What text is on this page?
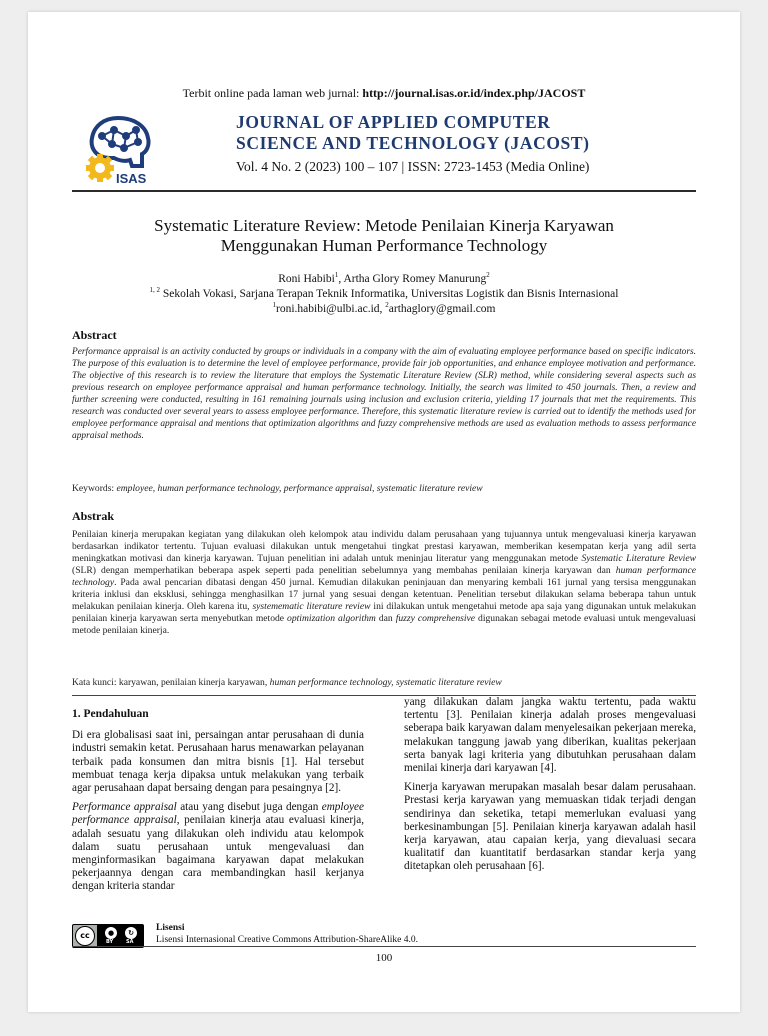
Terbit online pada laman web jurnal: http://journal.isas.or.id/index.php/JACOST
ISAS
JOURNAL OF APPLIED COMPUTER
SCIENCE AND TECHNOLOGY (JACOST)
Vol. 4 No. 2 (2023) 100 – 107 | ISSN: 2723-1453 (Media Online)
Systematic Literature Review: Metode Penilaian Kinerja Karyawan
Menggunakan Human Performance Technology
Roni Habibi$^1$, Artha Glory Romey Manurung$^2$
$^{1, 2}$ Sekolah Vokasi, Sarjana Terapan Teknik Informatika, Universitas Logistik dan Bisnis Internasional
$^1$roni.habibi@ulbi.ac.id, $^2$arthaglory@gmail.com
Abstract
Performance appraisal is an activity conducted by groups or individuals in a company with the aim of evaluating employee performance based on specific indicators. The purpose of this evaluation is to determine the level of employee performance, provide fair job opportunities, and enhance employee motivation and performance. The objective of this research is to review the literature that employs the Systematic Literature Review (SLR) method, while considering several aspects such as previous research on employee performance appraisal and human performance technology. Initially, the search was limited to 450 journals. Then, a review and further screening were conducted, resulting in 161 remaining journals using inclusion and exclusion criteria, yielding 17 journals that met the requirements. This research was conducted over several years to assess employee performance. Therefore, this systematic literature review is carried out to identify the methods used for employee performance appraisal and mentions that optimization algorithms and fuzzy comprehensive methods are used as evaluation methods to assess performance appraisal methods.
Keywords: employee, human performance technology, performance appraisal, systematic literature review
Abstrak
Penilaian kinerja merupakan kegiatan yang dilakukan oleh kelompok atau individu dalam perusahaan yang tujuannya untuk mengevaluasi kinerja karyawan berdasarkan indikator tertentu. Tujuan evaluasi dilakukan untuk mengetahui tingkat prestasi karyawan, memberikan kesempatan kerja yang adil serta meningkatkan motivasi dan kinerja karyawan. Tujuan penelitian ini adalah untuk meninjau literatur yang menggunakan metode Systematic Literature Review (SLR) dengan memperhatikan beberapa aspek seperti pada penelitian sebelumnya yang membahas penilaian kinerja karyawan dan human performance technology. Pada awal pencarian dibatasi dengan 450 jurnal. Kemudian dilakukan peninjauan dan menyaring kembali 161 jurnal yang tersisa menggunakan kriteria inklusi dan eksklusi, sehingga menghasilkan 17 jurnal yang sesuai dengan ketentuan. Penelitian tersebut dilakukan selama beberapa tahun untuk melakukan penilaian kinerja. Oleh karena itu, systemematic literature review ini dilakukan untuk mengetahui metode apa saja yang digunakan untuk melakukan penilaian kinerja karyawan serta menyebutkan metode optimization algorithm dan fuzzy comprehensive digunakan sebagai metode evaluasi untuk mengevaluasi metode penilaian kinerja.
Kata kunci: karyawan, penilaian kinerja karyawan, human performance technology, systematic literature review
1. Pendahuluan

Di era globalisasi saat ini, persaingan antar perusahaan di dunia industri semakin ketat. Perusahaan harus menawarkan pelayanan terbaik pada konsumen dan mitra bisnis [1]. Hal tersebut membuat tenaga kerja dipaksa untuk melakukan yang terbaik agar perusahaan dapat bersaing dengan para pesaingnya [2].

Performance appraisal atau yang disebut juga dengan employee performance appraisal, penilaian kinerja atau evaluasi kinerja, adalah sesuatu yang dilakukan oleh individu atau kelompok dalam suatu perusahaan untuk mengevaluasi dan menginformasikan bagaimana karyawan dapat melakukan pekerjaannya dengan cara membandingkan hasil kerjanya dengan kriteria standar

yang dilakukan dalam jangka waktu tertentu, pada waktu tertentu [3]. Penilaian kinerja adalah proses mengevaluasi seberapa baik karyawan dalam menyelesaikan pekerjaan mereka, melakukan tanggung jawab yang diberikan, kualitas pekerjaan serta banyak lagi kriteria yang dibutuhkan perusahaan dalam menilai kinerja dari karyawan [4].

Kinerja karyawan merupakan masalah besar dalam perusahaan. Prestasi kerja karyawan yang memuaskan tidak terjadi dengan sendirinya dan seketika, tetapi memerlukan evaluasi yang berkesinambungan [5]. Penilaian kinerja karyawan adalah hasil kerja karyawan, atau capaian kerja, yang dievaluasi secara kualitatif dan kuantitatif berdasarkan standar kerja yang ditetapkan oleh perusahaan [6].

cc	●	↻
BY	SA
Lisensi
Lisensi Internasional Creative Commons Attribution-ShareAlike 4.0.
100
